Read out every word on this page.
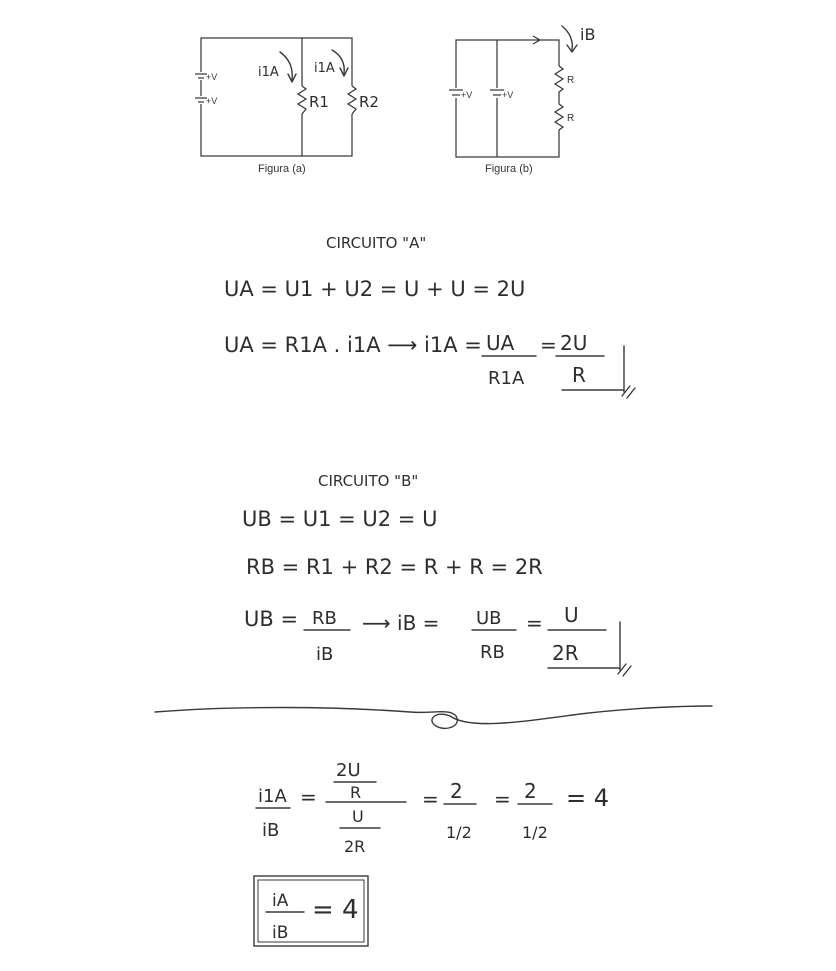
+V
+V	R1 R2
i1A	i1A
Figura (a)
+V	+V
R
R
iB
Figura (b)
CIRCUITO "A"
UA = U1 + U2 = U + U = 2U
UA = R1A . i1A ⟶ i1A = UA
R1A
= 2U
R
CIRCUITO "B"
UB = U1 = U2 = U
RB = R1 + R2 = R + R = 2R
UB = RB
iB
⟶ iB = UB
RB
= U
2R
i1A
iB
=
2U
R
U
2R
= 2
1/2
= 2
1/2
= 4
iA
iB
= 4
